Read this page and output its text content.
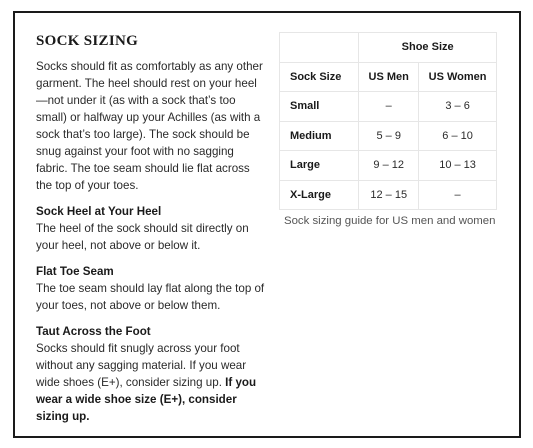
SOCK SIZING

Socks should fit as comfortably as any other garment. The heel should rest on your heel—not under it (as with a sock that’s too small) or halfway up your Achilles (as with a sock that’s too large). The sock should be snug against your foot with no sagging fabric. The toe seam should lie flat across the top of your toes.

Sock Heel at Your Heel

The heel of the sock should sit directly on your heel, not above or below it.

Flat Toe Seam

The toe seam should lay flat along the top of your toes, not above or below them.

Taut Across the Foot

Socks should fit snugly across your foot without any sagging material. If you wear wide shoes (E+), consider sizing up. If you wear a wide shoe size (E+), consider sizing up.

	Shoe Size	
Sock Size	US Men	US Women
Small	–	3 – 6
Medium	5 – 9	6 – 10
Large	9 – 12	10 – 13
X-Large	12 – 15	–
Sock sizing guide for US men and women
